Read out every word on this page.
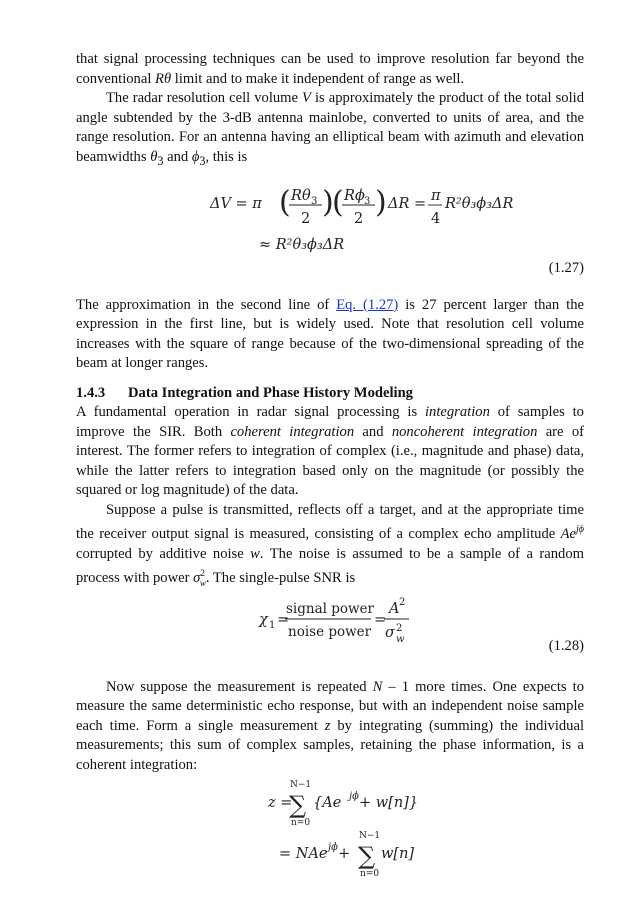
that signal processing techniques can be used to improve resolution far beyond the conventional Rθ limit and to make it independent of range as well.

The radar resolution cell volume V is approximately the product of the total solid angle subtended by the 3-dB antenna mainlobe, converted to units of area, and the range resolution. For an antenna having an elliptical beam with azimuth and elevation beamwidths $\theta_3$ and $\phi_3$, this is

ΔV = π ( R θ 3
2 )
( R ϕ 3
2 ) ΔR = π
4
R²θ₃ϕ₃ΔR
≈ R²θ₃ϕ₃ΔR
(1.27)

The approximation in the second line of Eq. (1.27) is 27 percent larger than the expression in the first line, but is widely used. Note that resolution cell volume increases with the square of range because of the two-dimensional spreading of the beam at longer ranges.

1.4.3 Data Integration and Phase History Modeling

A fundamental operation in radar signal processing is integration of samples to improve the SIR. Both coherent integration and noncoherent integration are of interest. The former refers to integration of complex (i.e., magnitude and phase) data, while the latter refers to integration based only on the magnitude (or possibly the squared or log magnitude) of the data.

Suppose a pulse is transmitted, reflects off a target, and at the appropriate time the receiver output signal is measured, consisting of a complex echo amplitude $Ae^{j\phi}$ corrupted by additive noise w. The noise is assumed to be a sample of a random process with power $\sigma^2_w$. The single-pulse SNR is

χ 1 =
signal power
noise power
=
A 2
σ 2
w	(1.28)

Now suppose the measurement is repeated N – 1 more times. One expects to measure the same deterministic echo response, but with an independent noise sample each time. Form a single measurement z by integrating (summing) the individual measurements; this sum of complex samples, retaining the phase information, is a coherent integration:

z =
N−1
∑
n=0
{Ae jϕ + w[n]}
= NAe jϕ +
N−1
∑
n=0
w[n]
